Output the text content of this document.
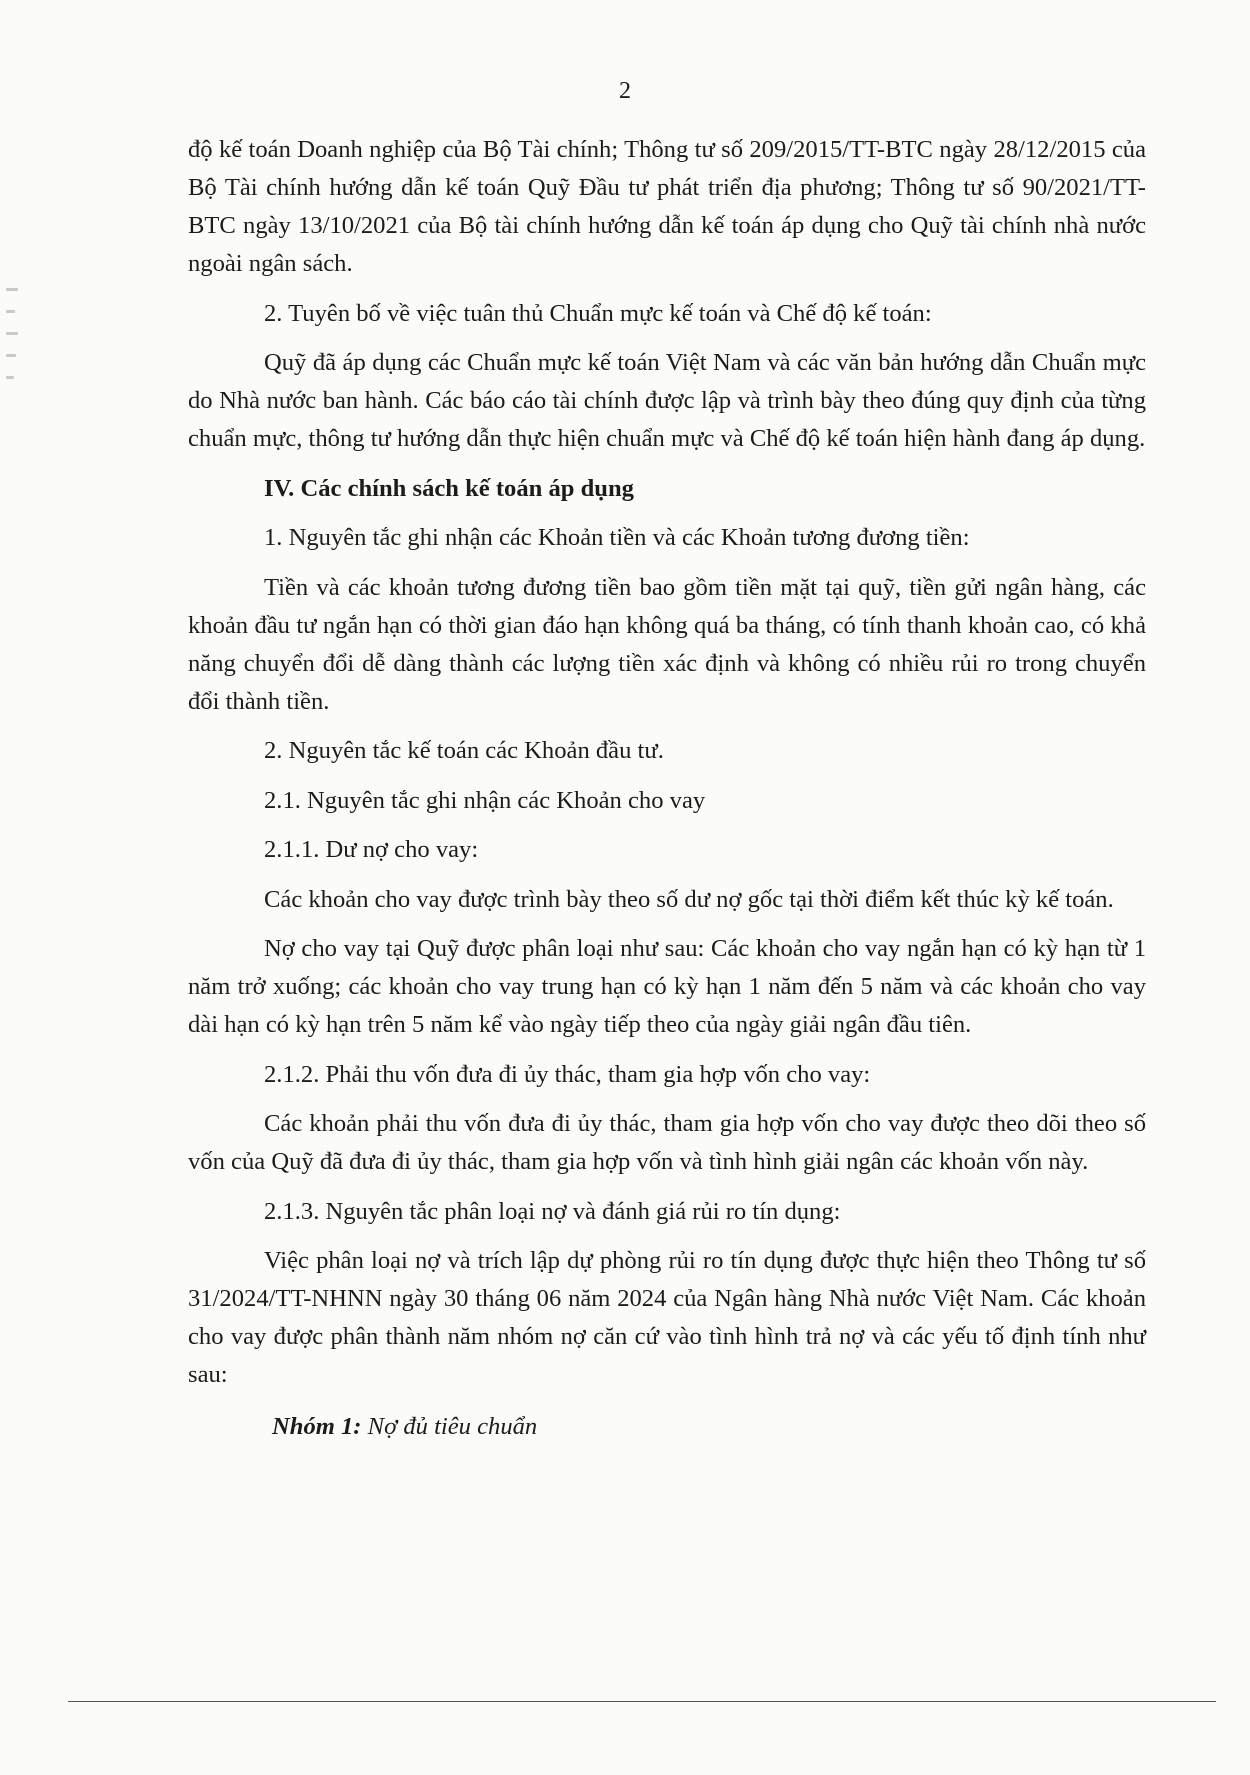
2

độ kế toán Doanh nghiệp của Bộ Tài chính; Thông tư số 209/2015/TT-BTC ngày 28/12/2015 của Bộ Tài chính hướng dẫn kế toán Quỹ Đầu tư phát triển địa phương; Thông tư số 90/2021/TT-BTC ngày 13/10/2021 của Bộ tài chính hướng dẫn kế toán áp dụng cho Quỹ tài chính nhà nước ngoài ngân sách.

2. Tuyên bố về việc tuân thủ Chuẩn mực kế toán và Chế độ kế toán:

Quỹ đã áp dụng các Chuẩn mực kế toán Việt Nam và các văn bản hướng dẫn Chuẩn mực do Nhà nước ban hành. Các báo cáo tài chính được lập và trình bày theo đúng quy định của từng chuẩn mực, thông tư hướng dẫn thực hiện chuẩn mực và Chế độ kế toán hiện hành đang áp dụng.

IV. Các chính sách kế toán áp dụng

1. Nguyên tắc ghi nhận các Khoản tiền và các Khoản tương đương tiền:

Tiền và các khoản tương đương tiền bao gồm tiền mặt tại quỹ, tiền gửi ngân hàng, các khoản đầu tư ngắn hạn có thời gian đáo hạn không quá ba tháng, có tính thanh khoản cao, có khả năng chuyển đổi dễ dàng thành các lượng tiền xác định và không có nhiều rủi ro trong chuyển đổi thành tiền.

2. Nguyên tắc kế toán các Khoản đầu tư.

2.1. Nguyên tắc ghi nhận các Khoản cho vay

2.1.1. Dư nợ cho vay:

Các khoản cho vay được trình bày theo số dư nợ gốc tại thời điểm kết thúc kỳ kế toán.

Nợ cho vay tại Quỹ được phân loại như sau: Các khoản cho vay ngắn hạn có kỳ hạn từ 1 năm trở xuống; các khoản cho vay trung hạn có kỳ hạn 1 năm đến 5 năm và các khoản cho vay dài hạn có kỳ hạn trên 5 năm kể vào ngày tiếp theo của ngày giải ngân đầu tiên.

2.1.2. Phải thu vốn đưa đi ủy thác, tham gia hợp vốn cho vay:

Các khoản phải thu vốn đưa đi ủy thác, tham gia hợp vốn cho vay được theo dõi theo số vốn của Quỹ đã đưa đi ủy thác, tham gia hợp vốn và tình hình giải ngân các khoản vốn này.

2.1.3. Nguyên tắc phân loại nợ và đánh giá rủi ro tín dụng:

Việc phân loại nợ và trích lập dự phòng rủi ro tín dụng được thực hiện theo Thông tư số 31/2024/TT-NHNN ngày 30 tháng 06 năm 2024 của Ngân hàng Nhà nước Việt Nam. Các khoản cho vay được phân thành năm nhóm nợ căn cứ vào tình hình trả nợ và các yếu tố định tính như sau:

Nhóm 1: Nợ đủ tiêu chuẩn
